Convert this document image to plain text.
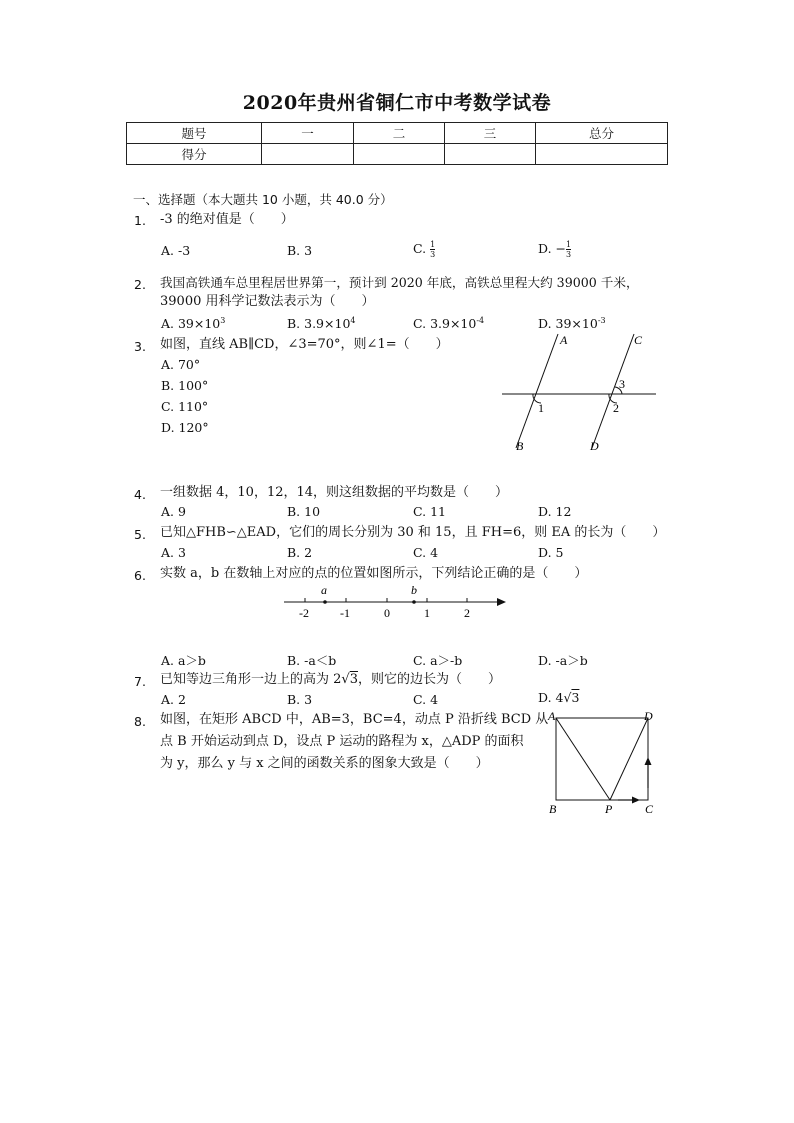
2020年贵州省铜仁市中考数学试卷
题号	一	二	三	总分
得分				
一、选择题（本大题共 10 小题，共 40.0 分）
1. -3 的绝对值是（　　）
A. -3	B. 3	C. $\frac{1}{3}$	D. − $\frac{1}{3}$
2. 我国高铁通车总里程居世界第一，预计到 2020 年底，高铁总里程大约 39000 千米，
39000 用科学记数法表示为（　　）
A. $39\times 10^3$	B. $3.9\times 10^4$	C. $3.9\times 10^{-4}$	D. $39\times 10^{-3}$
3. 如图，直线 AB∥CD，∠3=70°，则∠1=（　　）
A. 70°
B. 100°
C. 110°
D. 120°
A	C
B	D
1	2
3
4. 一组数据 4，10，12，14，则这组数据的平均数是（　　）
A. 9	B. 10	C. 11	D. 12
5. 已知△FHB∽△EAD，它们的周长分别为 30 和 15，且 FH=6，则 EA 的长为（　　）
A. 3	B. 2	C. 4	D. 5
6. 实数 a，b 在数轴上对应的点的位置如图所示，下列结论正确的是（　　）
a	b
-2	-1	0	1	2
A. a＞b	B. -a＜b	C. a＞-b	D. -a＞b
7. 已知等边三角形一边上的高为 2√3，则它的边长为（　　）
A. 2	B. 3	C. 4	D. 4√3
8. 如图，在矩形 ABCD 中，AB=3，BC=4，动点 P 沿折线 BCD 从
点 B 开始运动到点 D，设点 P 运动的路程为 x，△ADP 的面积
为 y，那么 y 与 x 之间的函数关系的图象大致是（　　）
A	D
B	P	C
